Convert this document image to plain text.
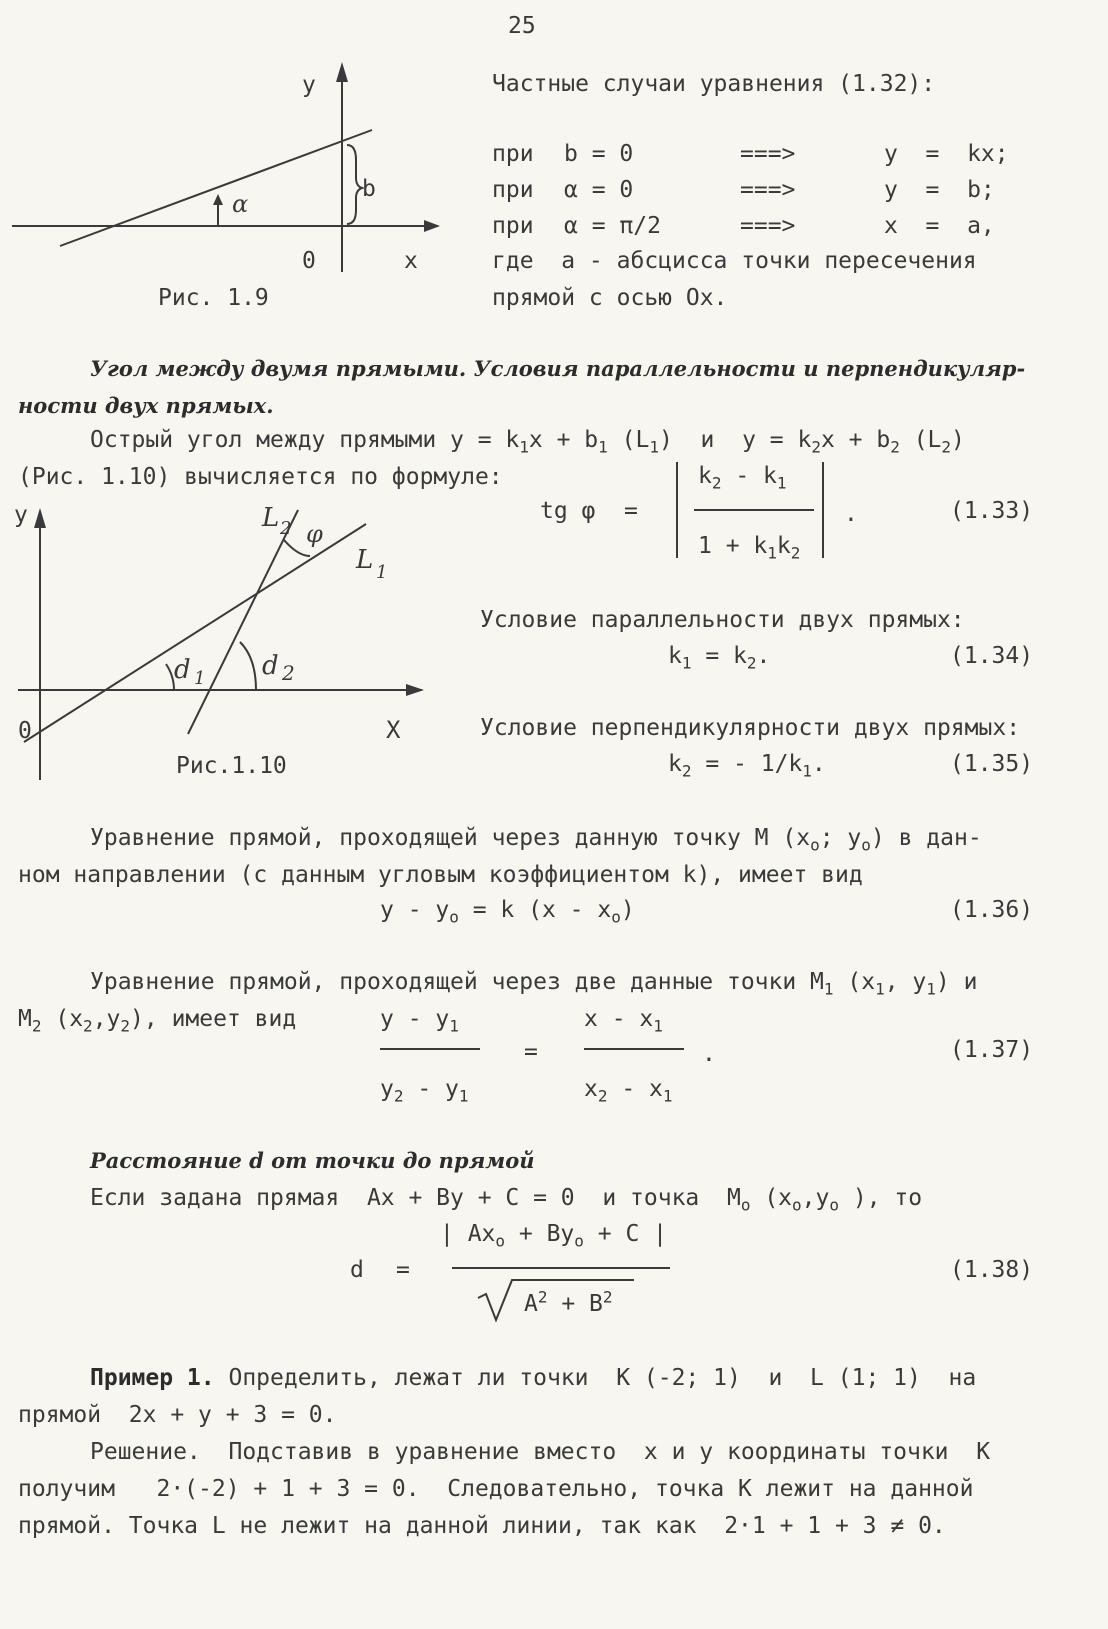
25
y
b
α
0	x
Рис. 1.9
Частные случаи уравнения (1.32):
при b = 0	===>	y  =  kx;
при α = 0	===>	y  =  b;
при α = π/2	===>	x  =  a,
где  a - абсцисса точки пересечения
прямой с осью Ox.
Угол между двумя прямыми. Условия параллельности и перпендикуляр-
ности двух прямых.
Острый угол между прямыми $y = k_1x + b_1$ $(L_1)$  и  $y = k_2x + b_2$ $(L_2)$
(Рис. 1.10) вычисляется по формуле:
tg φ =
$k_2 - k_1$
$1 + k_1k_2$
.	(1.33)
y	L 2 φ
L 1
d 1 d 2
0	X
Рис.1.10
Условие параллельности двух прямых:
$k_1 = k_2$.	(1.34)
Условие перпендикулярности двух прямых:
$k_2$ = - $1/k_1$.	(1.35)
Уравнение прямой, проходящей через данную точку M ($x_o$; $y_o$) в дан-
ном направлении (с данным угловым коэффициентом k), имеет вид
$y - y_o = k$ $(x - x_o)$	(1.36)
Уравнение прямой, проходящей через две данные точки $M_1$ ($x_1$, $y_1$) и
$M_2$ $(x_2,y_2)$, имеет вид	y - $y_1$
$y_2 - y_1$
=
x - $x_1$
$x_2 - x_1$
.	(1.37)
Расстояние d от точки до прямой
Если задана прямая  Ax + By + C = 0  и точка  $M_o$ ($x_o,y_o$ ), то
d =
| $Ax_o + By_o + C$ |
$A^2 + B^2$
(1.38)
Пример 1. Определить, лежат ли точки  K (-2; 1)  и  L (1; 1)  на
прямой  2x + y + 3 = 0.
Решение.  Подставив в уравнение вместо  x и y координаты точки  K
получим   2·(-2) + 1 + 3 = 0.  Следовательно, точка K лежит на данной
прямой. Точка L не лежит на данной линии, так как  2·1 + 1 + 3 ≠ 0.
